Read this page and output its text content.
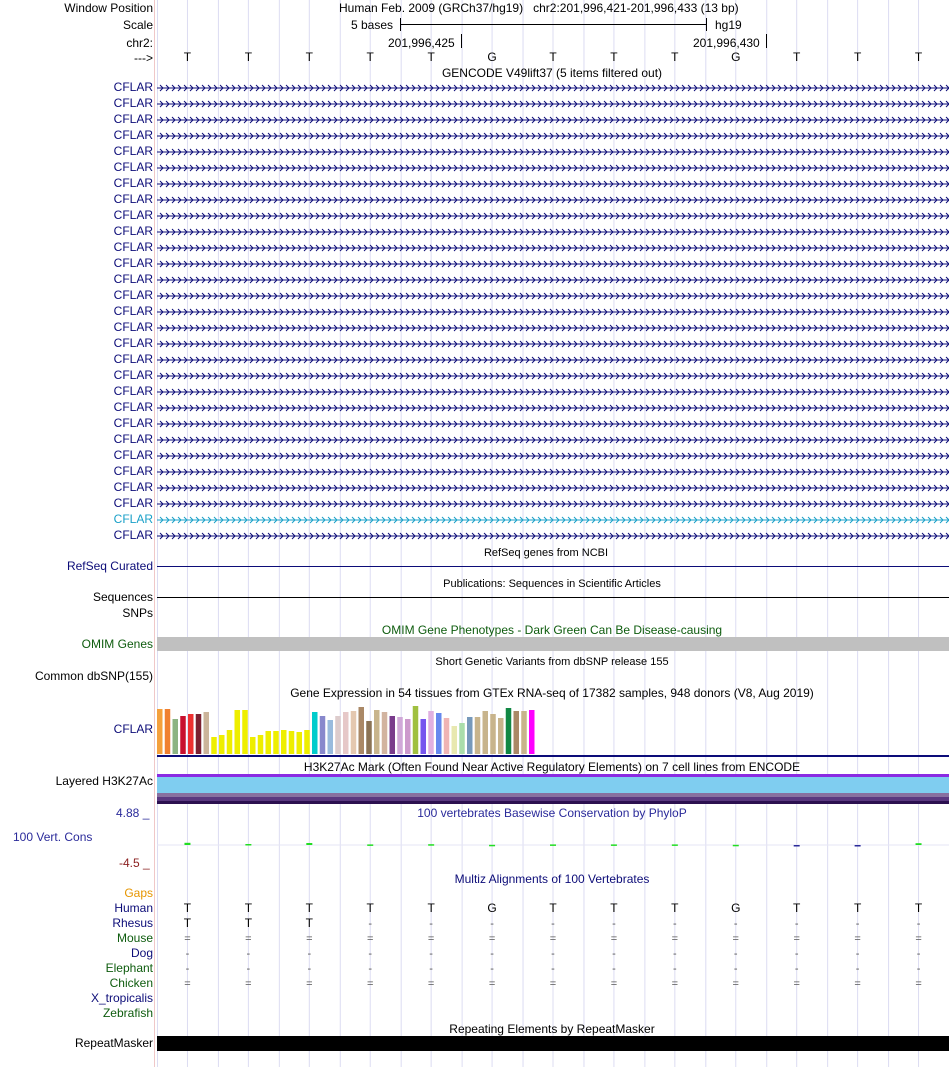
Window Position
Scale
chr2:
--->
Human Feb. 2009 (GRCh37/hg19) chr2:201,996,421-201,996,433 (13 bp)
5 bases	hg19
201,996,425	201,996,430
T	T	T	T	T	G	T	T	T	G	T	T	T
GENCODE V49lift37 (5 items filtered out)
CFLAR
CFLAR
CFLAR
CFLAR
CFLAR
CFLAR
CFLAR
CFLAR
CFLAR
CFLAR
CFLAR
CFLAR
CFLAR
CFLAR
CFLAR
CFLAR
CFLAR
CFLAR
CFLAR
CFLAR
CFLAR
CFLAR
CFLAR
CFLAR
CFLAR
CFLAR
CFLAR
CFLAR
CFLAR
RefSeq genes from NCBI
RefSeq Curated
Publications: Sequences in Scientific Articles
Sequences
SNPs
OMIM Gene Phenotypes - Dark Green Can Be Disease-causing
OMIM Genes
Short Genetic Variants from dbSNP release 155
Common dbSNP(155)
Gene Expression in 54 tissues from GTEx RNA-seq of 17382 samples, 948 donors (V8, Aug 2019)
CFLAR
H3K27Ac Mark (Often Found Near Active Regulatory Elements) on 7 cell lines from ENCODE
Layered H3K27Ac
100 vertebrates Basewise Conservation by PhyloP
4.88 _
100 Vert. Cons
-4.5 _
Multiz Alignments of 100 Vertebrates
Gaps
Human	T	T	T	T	T	G	T	T	T	G	T	T	T
Rhesus	T	T	T	-	-	-	-	-	-	-	-	-	-
Mouse	=	=	=	=	=	=	=	=	=	=	=	=	=
Dog	-	-	-	-	-	-	-	-	-	-	-	-	-
Elephant	-	-	-	-	-	-	-	-	-	-	-	-	-
Chicken	=	=	=	=	=	=	=	=	=	=	=	=	=
X_tropicalis
Zebrafish
Repeating Elements by RepeatMasker
RepeatMasker
